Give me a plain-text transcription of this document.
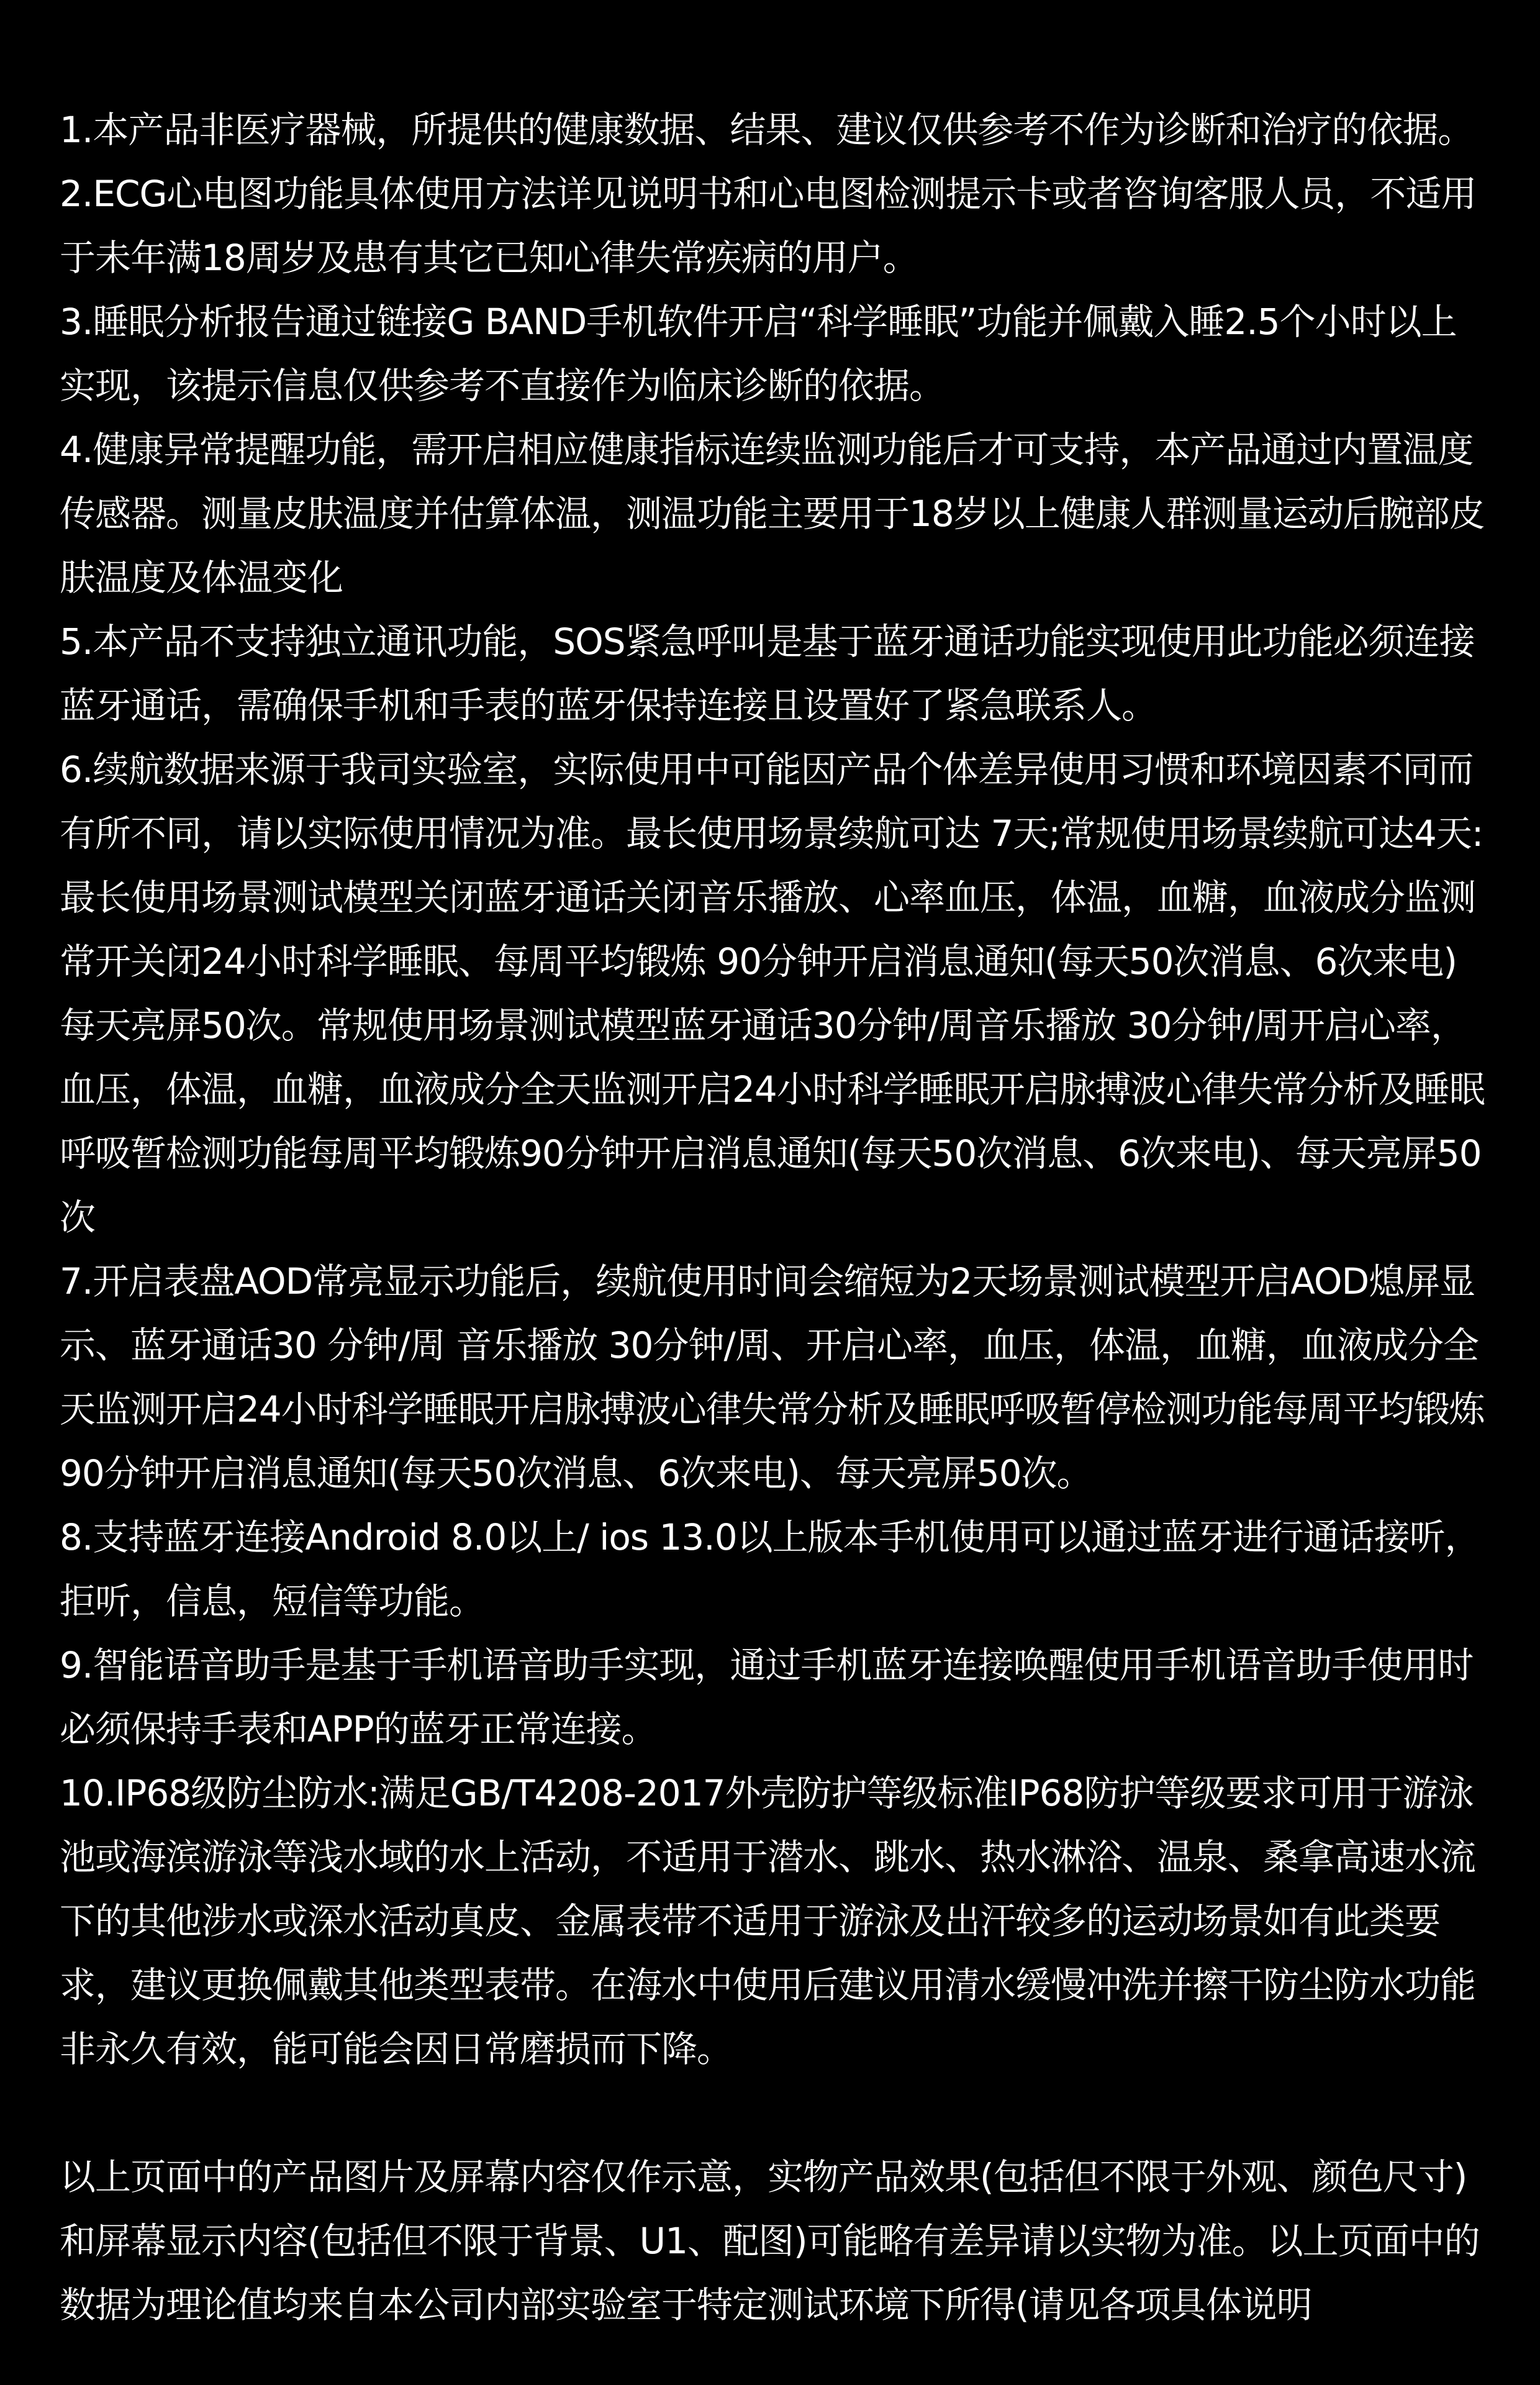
1.本产品非医疗器械，所提供的健康数据、结果、建议仅供参考不作为诊断和治疗的依据。

2.ECG心电图功能具体使用方法详见说明书和心电图检测提示卡或者咨询客服人员，不适用于未年满18周岁及患有其它已知心律失常疾病的用户。

3.睡眠分析报告通过链接G BAND手机软件开启“科学睡眠”功能并佩戴入睡2.5个小时以上实现，该提示信息仅供参考不直接作为临床诊断的依据。

4.健康异常提醒功能，需开启相应健康指标连续监测功能后才可支持，本产品通过内置温度传感器。测量皮肤温度并估算体温，测温功能主要用于18岁以上健康人群测量运动后腕部皮肤温度及体温变化

5.本产品不支持独立通讯功能，SOS紧急呼叫是基于蓝牙通话功能实现使用此功能必须连接蓝牙通话，需确保手机和手表的蓝牙保持连接且设置好了紧急联系人。

6.续航数据来源于我司实验室，实际使用中可能因产品个体差异使用习惯和环境因素不同而有所不同，请以实际使用情况为准。最长使用场景续航可达 7天;常规使用场景续航可达4天:最长使用场景测试模型关闭蓝牙通话关闭音乐播放、心率血压，体温，血糖，血液成分监测常开关闭24小时科学睡眠、每周平均锻炼 90分钟开启消息通知(每天50次消息、6次来电)每天亮屏50次。常规使用场景测试模型蓝牙通话30分钟/周音乐播放 30分钟/周开启心率，血压，体温，血糖，血液成分全天监测开启24小时科学睡眠开启脉搏波心律失常分析及睡眠呼吸暂检测功能每周平均锻炼90分钟开启消息通知(每天50次消息、6次来电)、每天亮屏50次

7.开启表盘AOD常亮显示功能后，续航使用时间会缩短为2天场景测试模型开启AOD熄屏显示、蓝牙通话30 分钟/周 音乐播放 30分钟/周、开启心率，血压，体温，血糖，血液成分全天监测开启24小时科学睡眠开启脉搏波心律失常分析及睡眠呼吸暂停检测功能每周平均锻炼90分钟开启消息通知(每天50次消息、6次来电)、每天亮屏50次。

8.支持蓝牙连接Android 8.0以上/ ios 13.0以上版本手机使用可以通过蓝牙进行通话接听，拒听，信息，短信等功能。

9.智能语音助手是基于手机语音助手实现，通过手机蓝牙连接唤醒使用手机语音助手使用时必须保持手表和APP的蓝牙正常连接。

10.IP68级防尘防水:满足GB/T4208-2017外壳防护等级标准IP68防护等级要求可用于游泳池或海滨游泳等浅水域的水上活动，不适用于潜水、跳水、热水淋浴、温泉、桑拿高速水流下的其他涉水或深水活动真皮、金属表带不适用于游泳及出汗较多的运动场景如有此类要求，建议更换佩戴其他类型表带。在海水中使用后建议用清水缓慢冲洗并擦干防尘防水功能非永久有效，能可能会因日常磨损而下降。

以上页面中的产品图片及屏幕内容仅作示意，实物产品效果(包括但不限于外观、颜色尺寸)和屏幕显示内容(包括但不限于背景、U1、配图)可能略有差异请以实物为准。以上页面中的数据为理论值均来自本公司内部实验室于特定测试环境下所得(请见各项具体说明
